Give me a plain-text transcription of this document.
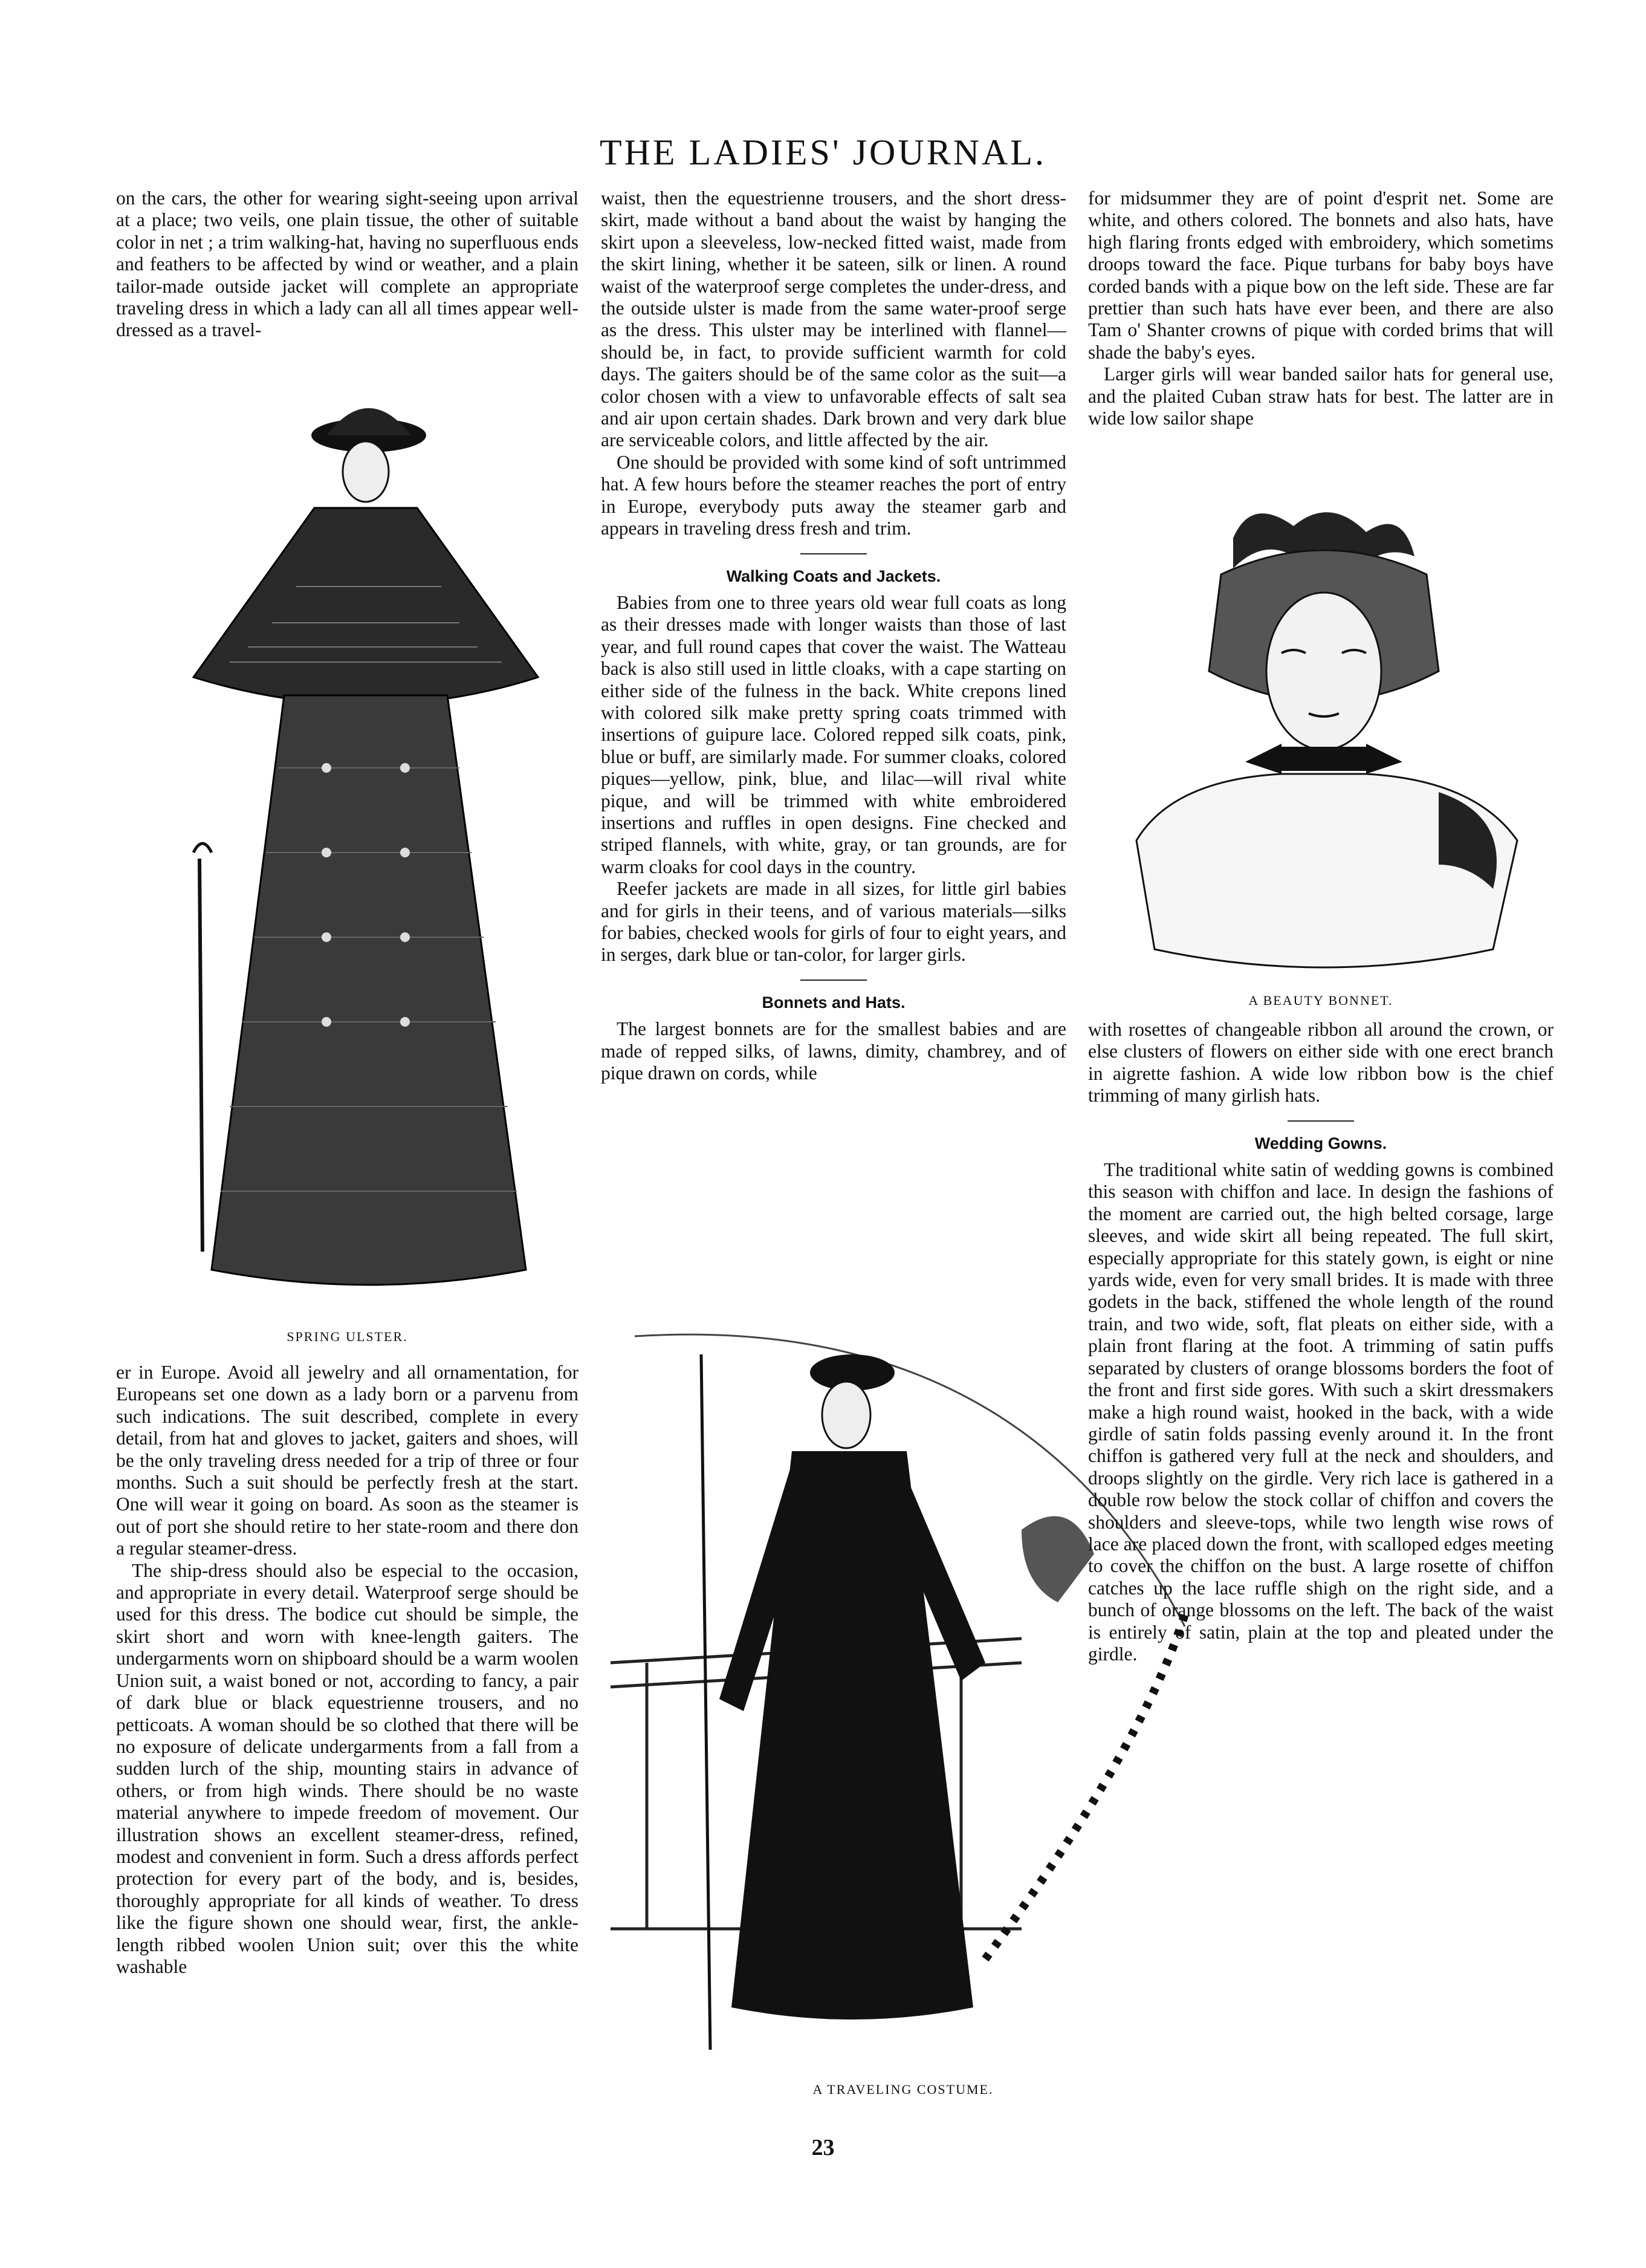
THE LADIES' JOURNAL.

on the cars, the other for wearing sight-seeing upon arrival at a place; two veils, one plain tissue, the other of suitable color in net ; a trim walking-hat, having no superfluous ends and feathers to be affected by wind or weather, and a plain tailor-made outside jacket will complete an appropriate traveling dress in which a lady can all all times appear well-dressed as a travel-

SPRING ULSTER.

er in Europe. Avoid all jewelry and all ornamentation, for Europeans set one down as a lady born or a parvenu from such indications. The suit described, complete in every detail, from hat and gloves to jacket, gaiters and shoes, will be the only traveling dress needed for a trip of three or four months. Such a suit should be perfectly fresh at the start. One will wear it going on board. As soon as the steamer is out of port she should retire to her state-room and there don a regular steamer-dress.

The ship-dress should also be especial to the occasion, and appropriate in every detail. Waterproof serge should be used for this dress. The bodice cut should be simple, the skirt short and worn with knee-length gaiters. The undergarments worn on shipboard should be a warm woolen Union suit, a waist boned or not, according to fancy, a pair of dark blue or black equestrienne trousers, and no petticoats. A woman should be so clothed that there will be no exposure of delicate undergarments from a fall from a sudden lurch of the ship, mounting stairs in advance of others, or from high winds. There should be no waste material anywhere to impede freedom of movement. Our illustration shows an excellent steamer-dress, refined, modest and convenient in form. Such a dress affords perfect protection for every part of the body, and is, besides, thoroughly appropriate for all kinds of weather. To dress like the figure shown one should wear, first, the ankle-length ribbed woolen Union suit; over this the white washable

waist, then the equestrienne trousers, and the short dress-skirt, made without a band about the waist by hanging the skirt upon a sleeveless, low-necked fitted waist, made from the skirt lining, whether it be sateen, silk or linen. A round waist of the waterproof serge completes the under-dress, and the outside ulster is made from the same water-proof serge as the dress. This ulster may be interlined with flannel—should be, in fact, to provide sufficient warmth for cold days. The gaiters should be of the same color as the suit—a color chosen with a view to unfavorable effects of salt sea and air upon certain shades. Dark brown and very dark blue are serviceable colors, and little affected by the air.

One should be provided with some kind of soft untrimmed hat. A few hours before the steamer reaches the port of entry in Europe, everybody puts away the steamer garb and appears in traveling dress fresh and trim.

Walking Coats and Jackets.

Babies from one to three years old wear full coats as long as their dresses made with longer waists than those of last year, and full round capes that cover the waist. The Watteau back is also still used in little cloaks, with a cape starting on either side of the fulness in the back. White crepons lined with colored silk make pretty spring coats trimmed with insertions of guipure lace. Colored repped silk coats, pink, blue or buff, are similarly made. For summer cloaks, colored piques—yellow, pink, blue, and lilac—will rival white pique, and will be trimmed with white embroidered insertions and ruffles in open designs. Fine checked and striped flannels, with white, gray, or tan grounds, are for warm cloaks for cool days in the country.

Reefer jackets are made in all sizes, for little girl babies and for girls in their teens, and of various materials—silks for babies, checked wools for girls of four to eight years, and in serges, dark blue or tan-color, for larger girls.

Bonnets and Hats.

The largest bonnets are for the smallest babies and are made of repped silks, of lawns, dimity, chambrey, and of pique drawn on cords, while

A TRAVELING COSTUME.

for midsummer they are of point d'esprit net. Some are white, and others colored. The bonnets and also hats, have high flaring fronts edged with embroidery, which sometims droops toward the face. Pique turbans for baby boys have corded bands with a pique bow on the left side. These are far prettier than such hats have ever been, and there are also Tam o' Shanter crowns of pique with corded brims that will shade the baby's eyes.

Larger girls will wear banded sailor hats for general use, and the plaited Cuban straw hats for best. The latter are in wide low sailor shape

A BEAUTY BONNET.

with rosettes of changeable ribbon all around the crown, or else clusters of flowers on either side with one erect branch in aigrette fashion. A wide low ribbon bow is the chief trimming of many girlish hats.

Wedding Gowns.

The traditional white satin of wedding gowns is combined this season with chiffon and lace. In design the fashions of the moment are carried out, the high belted corsage, large sleeves, and wide skirt all being repeated. The full skirt, especially appropriate for this stately gown, is eight or nine yards wide, even for very small brides. It is made with three godets in the back, stiffened the whole length of the round train, and two wide, soft, flat pleats on either side, with a plain front flaring at the foot. A trimming of satin puffs separated by clusters of orange blossoms borders the foot of the front and first side gores. With such a skirt dressmakers make a high round waist, hooked in the back, with a wide girdle of satin folds passing evenly around it. In the front chiffon is gathered very full at the neck and shoulders, and droops slightly on the girdle. Very rich lace is gathered in a double row below the stock collar of chiffon and covers the shoulders and sleeve-tops, while two length wise rows of lace are placed down the front, with scalloped edges meeting to cover the chiffon on the bust. A large rosette of chiffon catches up the lace ruffle shigh on the right side, and a bunch of orange blossoms on the left. The back of the waist is entirely of satin, plain at the top and pleated under the girdle.

23
